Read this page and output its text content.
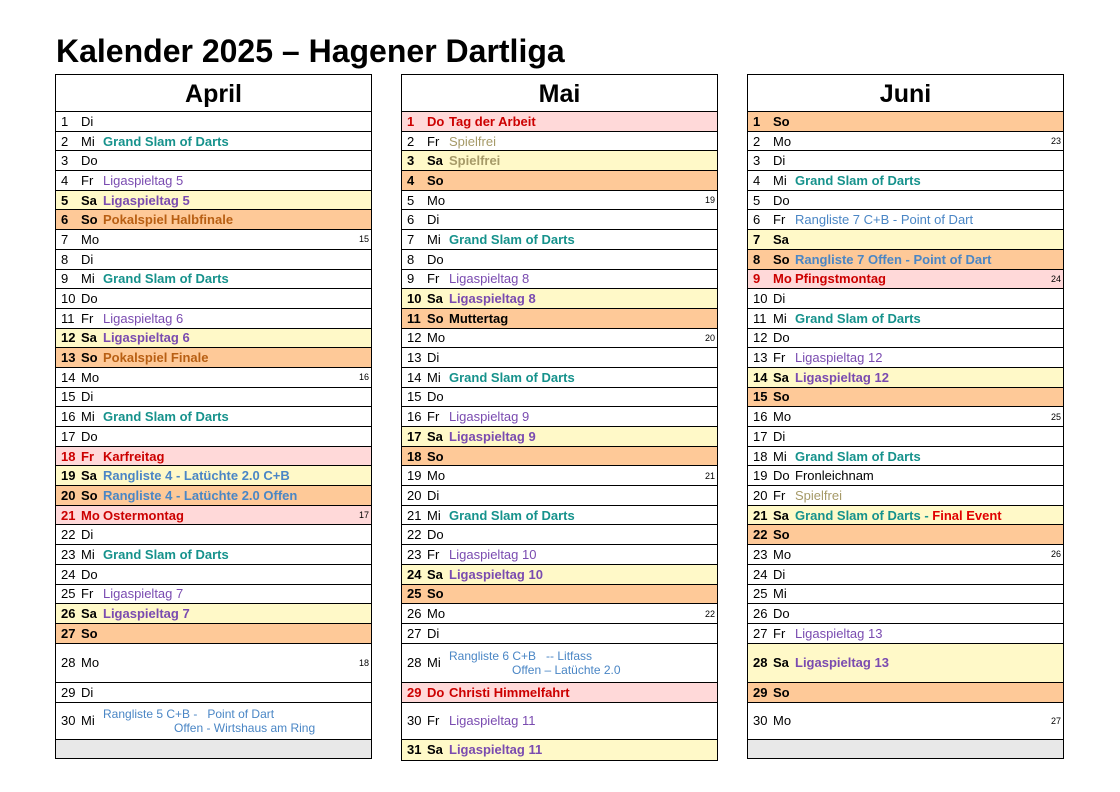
Kalender 2025 – Hagener Dartliga
April
1 Di
2 Mi Grand Slam of Darts
3 Do
4 Fr Ligaspieltag 5
5 Sa Ligaspieltag 5
6 So Pokalspiel Halbfinale
7 Mo	15
8 Di
9 Mi Grand Slam of Darts
10 Do
11 Fr Ligaspieltag 6
12 Sa Ligaspieltag 6
13 So Pokalspiel Finale
14 Mo	16
15 Di
16 Mi Grand Slam of Darts
17 Do
18 Fr Karfreitag
19 Sa Rangliste 4 - Latüchte 2.0 C+B
20 So Rangliste 4 - Latüchte 2.0 Offen
21 Mo Ostermontag	17
22 Di
23 Mi Grand Slam of Darts
24 Do
25 Fr Ligaspieltag 7
26 Sa Ligaspieltag 7
27 So
28 Mo	18
29 Di
30 Mi Rangliste 5 C+B -   Point of Dart
Offen - Wirtshaus am Ring
Mai
1 Do Tag der Arbeit
2 Fr Spielfrei
3 Sa Spielfrei
4 So
5 Mo	19
6 Di
7 Mi Grand Slam of Darts
8 Do
9 Fr Ligaspieltag 8
10 Sa Ligaspieltag 8
11 So Muttertag
12 Mo	20
13 Di
14 Mi Grand Slam of Darts
15 Do
16 Fr Ligaspieltag 9
17 Sa Ligaspieltag 9
18 So
19 Mo	21
20 Di
21 Mi Grand Slam of Darts
22 Do
23 Fr Ligaspieltag 10
24 Sa Ligaspieltag 10
25 So
26 Mo	22
27 Di
28 Mi Rangliste 6 C+B   -- Litfass
Offen – Latüchte 2.0
29 Do Christi Himmelfahrt
30 Fr Ligaspieltag 11
31 Sa Ligaspieltag 11
Juni
1 So
2 Mo	23
3 Di
4 Mi Grand Slam of Darts
5 Do
6 Fr Rangliste 7 C+B - Point of Dart
7 Sa
8 So Rangliste 7 Offen - Point of Dart
9 Mo Pfingstmontag	24
10 Di
11 Mi Grand Slam of Darts
12 Do
13 Fr Ligaspieltag 12
14 Sa Ligaspieltag 12
15 So
16 Mo	25
17 Di
18 Mi Grand Slam of Darts
19 Do Fronleichnam
20 Fr Spielfrei
21 Sa Grand Slam of Darts - Final Event
22 So
23 Mo	26
24 Di
25 Mi
26 Do
27 Fr Ligaspieltag 13
28 Sa Ligaspieltag 13
29 So
30 Mo	27
